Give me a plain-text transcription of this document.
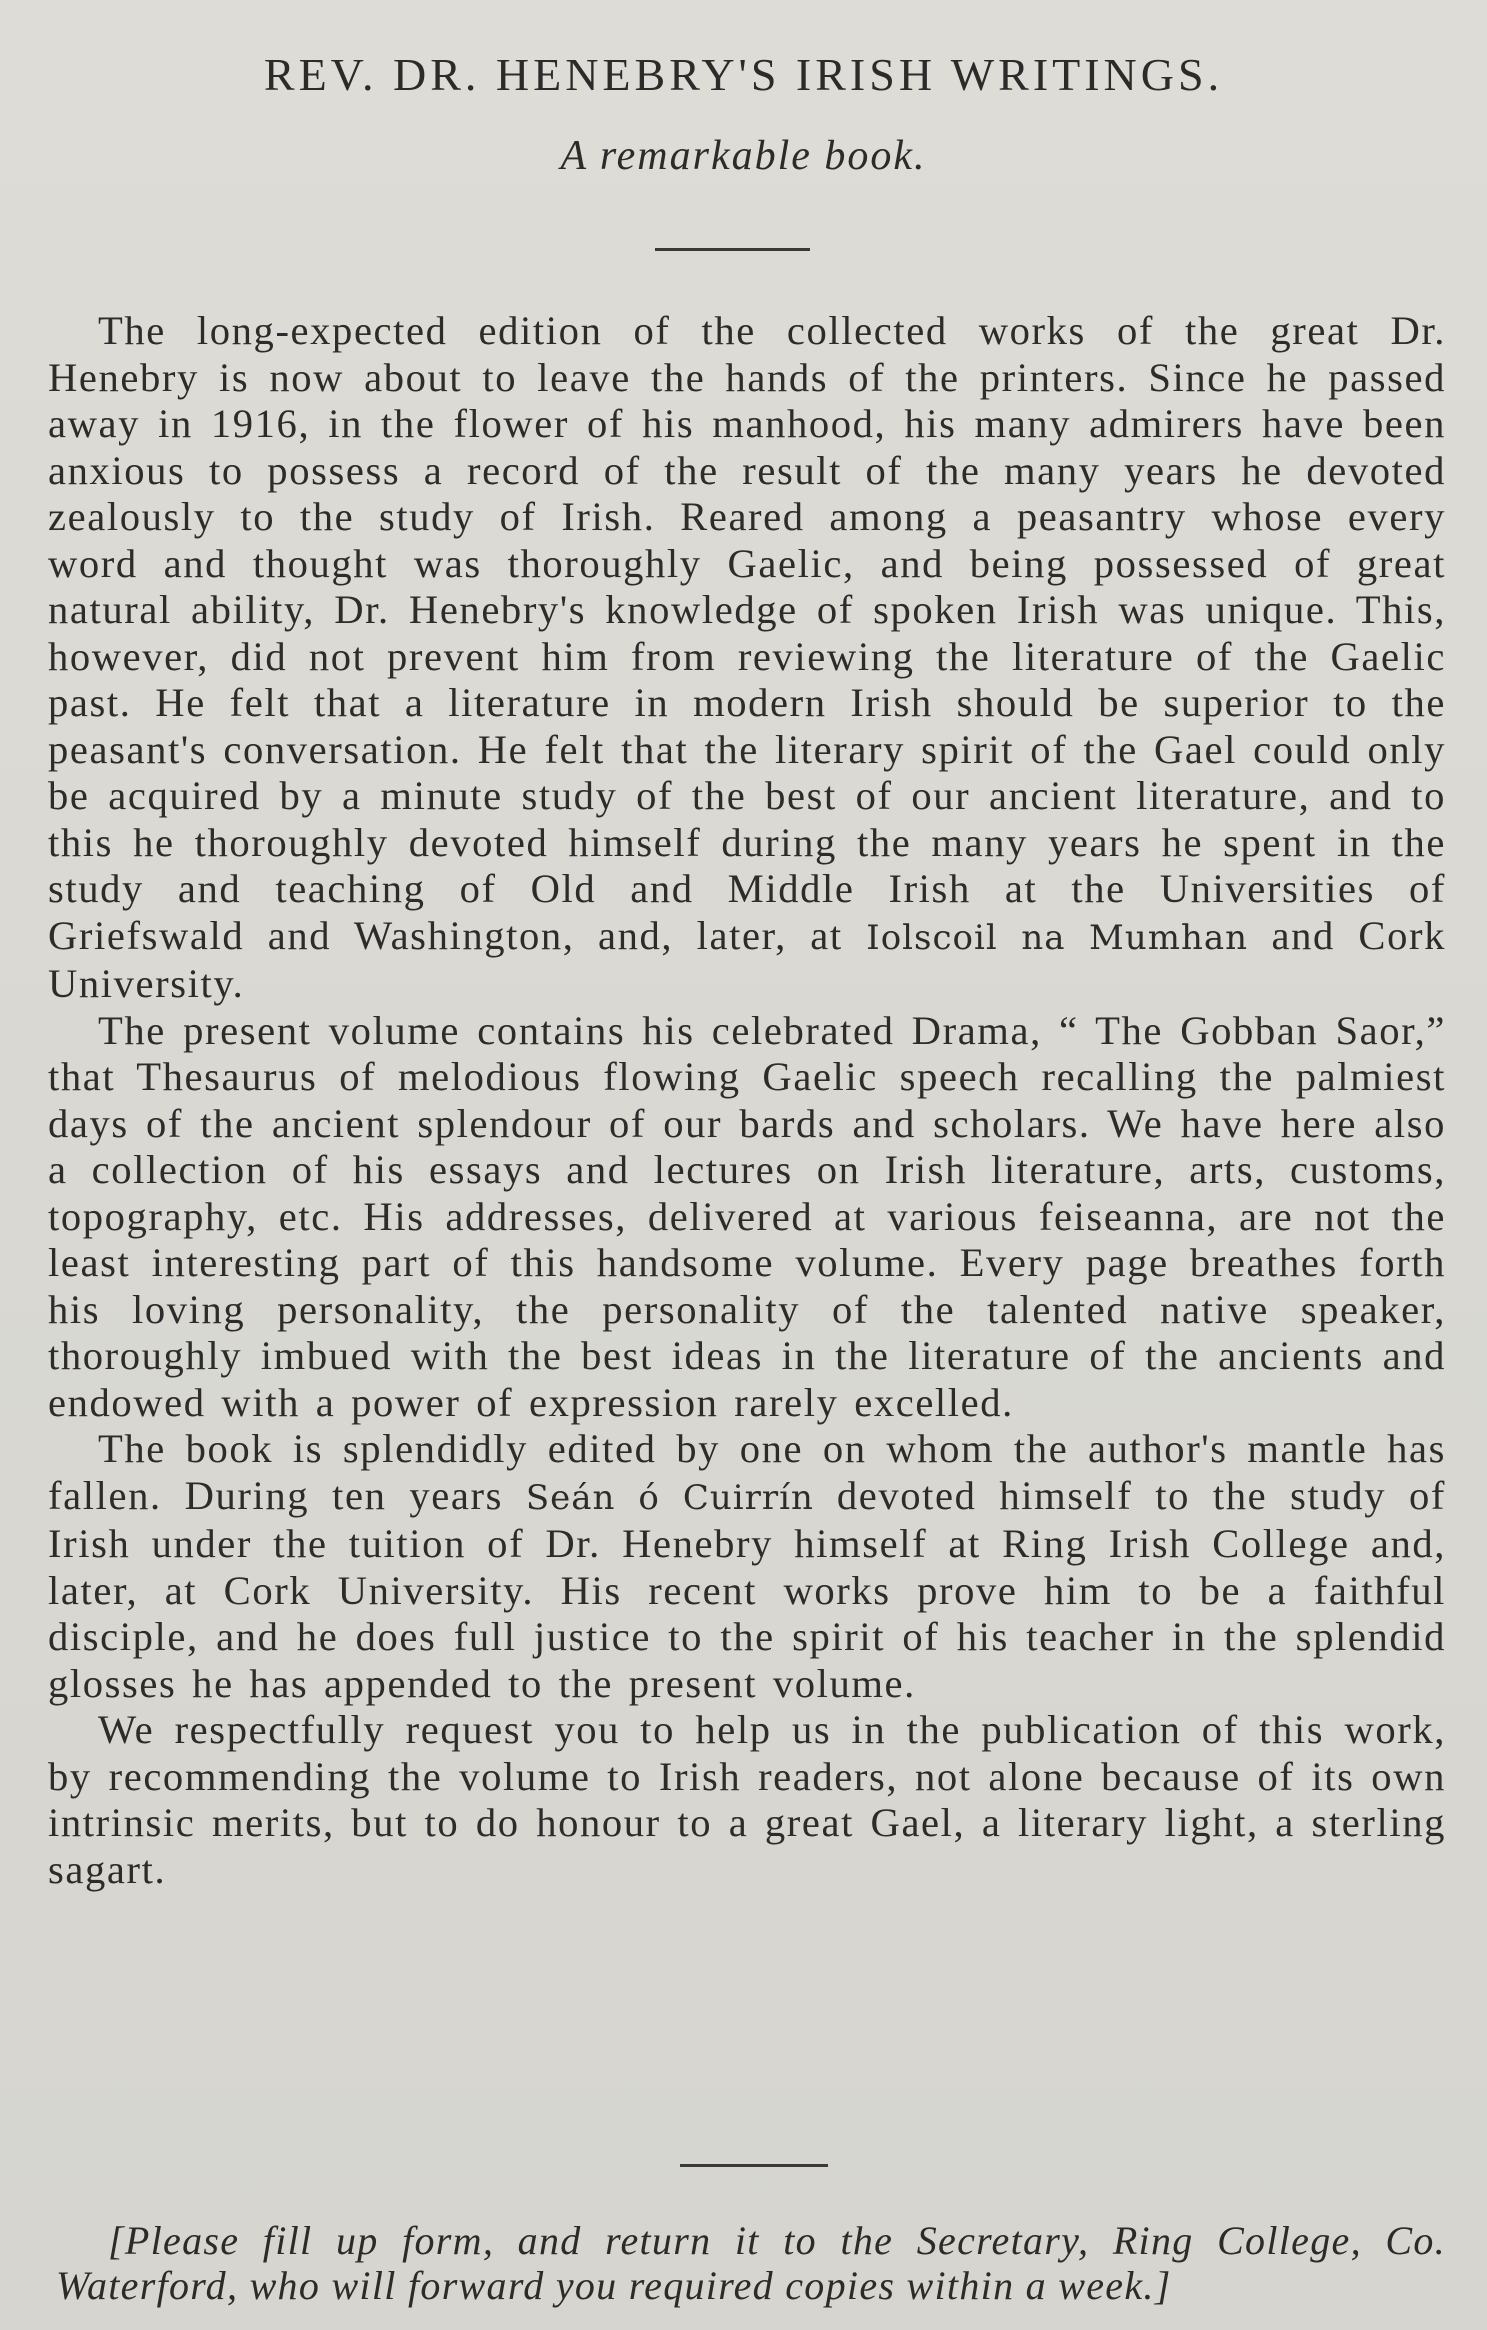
REV. DR. HENEBRY'S IRISH WRITINGS.
A remarkable book.

The long-expected edition of the collected works of the great Dr. Henebry is now about to leave the hands of the printers. Since he passed away in 1916, in the flower of his manhood, his many admirers have been anxious to possess a record of the result of the many years he devoted zealously to the study of Irish. Reared among a peasantry whose every word and thought was thoroughly Gaelic, and being possessed of great natural ability, Dr. Henebry's knowledge of spoken Irish was unique. This, however, did not prevent him from reviewing the literature of the Gaelic past. He felt that a literature in modern Irish should be superior to the peasant's conversation. He felt that the literary spirit of the Gael could only be acquired by a minute study of the best of our ancient literature, and to this he thoroughly devoted himself during the many years he spent in the study and teaching of Old and Middle Irish at the Universities of Griefswald and Washington, and, later, at Iolscoil na Mumhan and Cork University.

The present volume contains his celebrated Drama, “ The Gobban Saor,” that Thesaurus of melodious flowing Gaelic speech recalling the palmiest days of the ancient splendour of our bards and scholars. We have here also a collection of his essays and lectures on Irish literature, arts, customs, topography, etc. His addresses, delivered at various feiseanna, are not the least interesting part of this handsome volume. Every page breathes forth his loving personality, the personality of the talented native speaker, thoroughly imbued with the best ideas in the literature of the ancients and endowed with a power of expression rarely excelled.

The book is splendidly edited by one on whom the author's mantle has fallen. During ten years Seán ó Cuirrín devoted himself to the study of Irish under the tuition of Dr. Henebry himself at Ring Irish College and, later, at Cork University. His recent works prove him to be a faithful disciple, and he does full justice to the spirit of his teacher in the splendid glosses he has appended to the present volume.

We respectfully request you to help us in the publication of this work, by recommending the volume to Irish readers, not alone because of its own intrinsic merits, but to do honour to a great Gael, a literary light, a sterling sagart.

[Please fill up form, and return it to the Secretary, Ring College, Co. Waterford, who will forward you required copies within a week.]
